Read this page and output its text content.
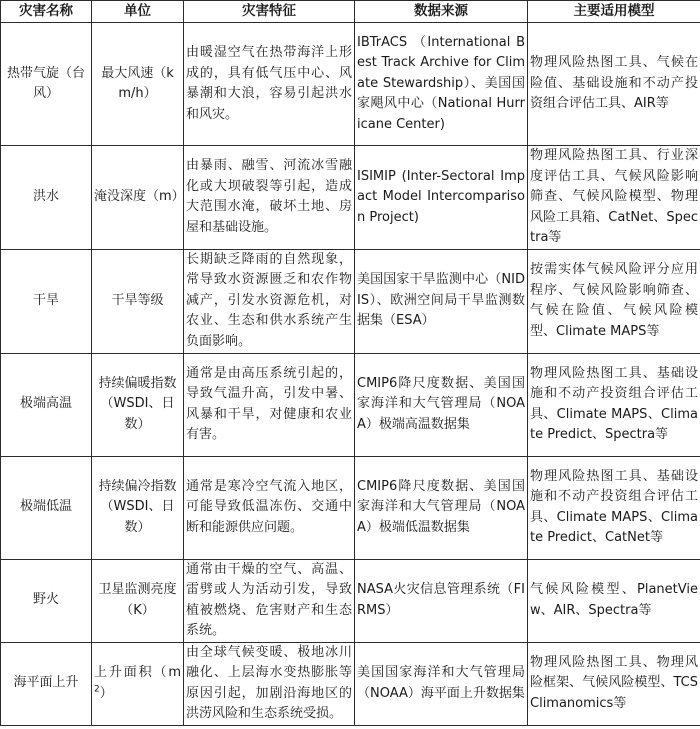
灾害名称	单位	灾害特征	数据来源	主要适用模型
热带气旋（台风）	最大风速（km/h）	由暖湿空气在热带海洋上形成的，具有低气压中心、风暴潮和大浪，容易引起洪水和风灾。	IBTrACS （International Best Track Archive for Climate Stewardship）、美国国家飓风中心（National Hurricane Center)	物理风险热图工具、气候在险值、基础设施和不动产投资组合评估工具、AIR等
洪水	淹没深度（m）	由暴雨、融雪、河流冰雪融化或大坝破裂等引起，造成大范围水淹，破坏土地、房屋和基础设施。	ISIMIP (Inter-Sectoral Impact Model Intercomparison Project)	物理风险热图工具、行业深度评估工具、气候风险影响筛查、气候风险模型、物理风险工具箱、CatNet、Spectra等
干旱	干旱等级	长期缺乏降雨的自然现象，常导致水资源匮乏和农作物减产，引发水资源危机，对农业、生态和供水系统产生负面影响。	美国国家干旱监测中心（NIDIS）、欧洲空间局干旱监测数据集（ESA）	按需实体气候风险评分应用程序、气候风险影响筛查、气候在险值、气候风险模型、Climate MAPS等
极端高温	持续偏暖指数（WSDI、日数）	通常是由高压系统引起的，导致气温升高，引发中暑、风暴和干旱，对健康和农业有害。	CMIP6降尺度数据、美国国家海洋和大气管理局（NOAA）极端高温数据集	物理风险热图工具、基础设施和不动产投资组合评估工具、Climate MAPS、Climate Predict、Spectra等
极端低温	持续偏冷指数（WSDI、日数）	通常是寒冷空气流入地区，可能导致低温冻伤、交通中断和能源供应问题。	CMIP6降尺度数据、美国国家海洋和大气管理局（NOAA）极端低温数据集	物理风险热图工具、基础设施和不动产投资组合评估工具、Climate MAPS、Climate Predict、CatNet等
野火	卫星监测亮度（K）	通常由干燥的空气、高温、雷劈或人为活动引发，导致植被燃烧、危害财产和生态系统。	NASA火灾信息管理系统（FIRMS）	气候风险模型、PlanetView、AIR、Spectra等
海平面上升	上升面积$(m^2)$	由全球气候变暖、极地冰川融化、上层海水变热膨胀等原因引起，加剧沿海地区的洪涝风险和生态系统受损。	美国国家海洋和大气管理局（NOAA）海平面上升数据集	物理风险热图工具、物理风险框架、气候风险模型、TCS Climanomics等
